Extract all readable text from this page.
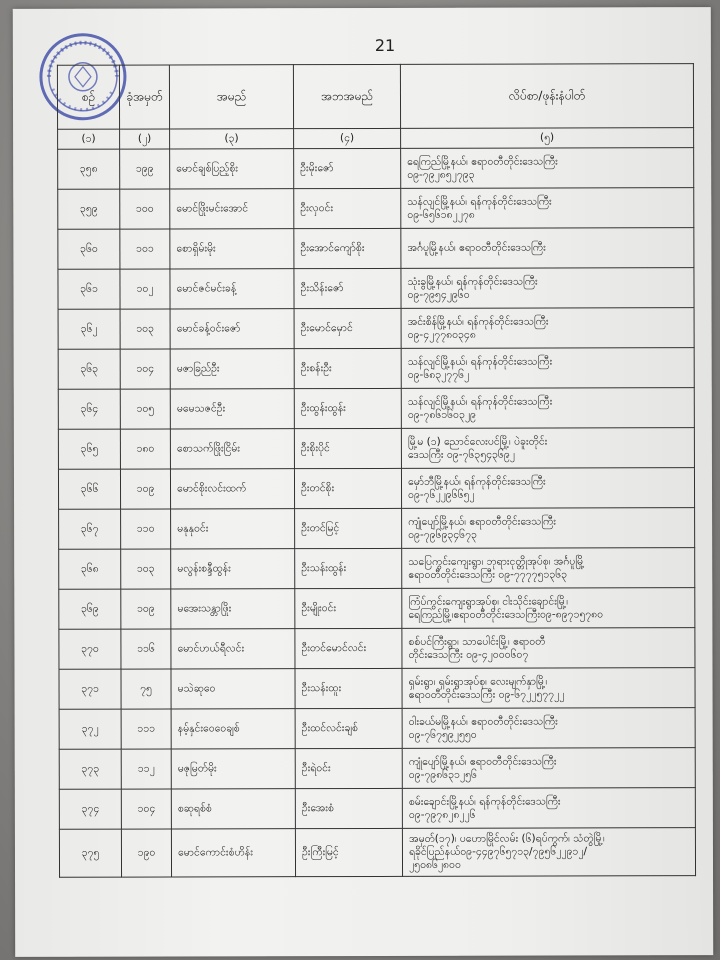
21
စဉ်	ခုံအမှတ်	အမည်	အဘအမည်	လိပ်စာ/ဖုန်းနံပါတ်
(၁)	(၂)	(၃)	(၄)	(၅)
၃၅၈	၁၉၉	မောင်ချစ်ပြည့်စိုး	ဦးမိုးဇော်	ရေကြည်မြို့နယ်၊ ဧရာဝတီတိုင်းဒေသကြီး
၀၉-၇၉၂၈၅၂၇၉၃

၃၅၉	၁၀၀	မောင်ဖြိုးမင်းအောင်	ဦးလှဝင်း	သန်လျင်မြို့နယ်၊ ရန်ကုန်တိုင်းဒေသကြီး
၀၉-၆၅၆၁၈၂၂၇၈

၃၆၀	၁၀၁	စောရှိမ်းမိုး	ဦးအောင်ကျော်စိုး	အင်္ဂပူမြို့နယ်၊ ဧရာဝတီတိုင်းဒေသကြီး

၃၆၁	၁၀၂	မောင်ဇင်မင်းခန့်	ဦးသိန်းဇော်	သုံးခွမြို့နယ်၊ ရန်ကုန်တိုင်းဒေသကြီး
၀၉-၇၉၅၄၂၉၆၀

၃၆၂	၁၀၃	မောင်ခန့်ဝင်းဇော်	ဦးမောင်မှောင်	အင်းစိန်မြို့နယ်၊ ရန်ကုန်တိုင်းဒေသကြီး
၀၉-၄၂၇၇၈၀၃၄၈

၃၆၃	၁၀၄	မဇာခြည်ဦး	ဦးစန်းဦး	သန်လျင်မြို့နယ်၊ ရန်ကုန်တိုင်းဒေသကြီး
၀၉-၆၈၃၂၇၇၆၂

၃၆၄	၁၀၅	မမေသဇင်ဦး	ဦးထွန်းထွန်း	သန်လျင်မြို့နယ်၊ ရန်ကုန်တိုင်းဒေသကြီး
၀၉-၇၈၆၁၆၀၃၂၉

၃၆၅	၁၈၀	စောသက်ဖြိုးငြိမ်း	ဦးစိုးပိုင်	မြို့မ (၁) ညောင်လေးပင်မြို့၊ ပဲခူးတိုင်း
ဒေသကြီး ၀၉-၇၆၃၅၄၃၆၉၂

၃၆၆	၁၀၉	မောင်စိုးလင်းထက်	ဦးတင်စိုး	မှော်ဘီမြို့နယ်၊ ရန်ကုန်တိုင်းဒေသကြီး
၀၉-၇၆၂၂၉၆၆၅၂

၃၆၇	၁၁၀	မနုနုဝင်း	ဦးတင်မြင့်	ကျုံပျော်မြို့နယ်၊ ဧရာဝတီတိုင်းဒေသကြီး
၀၉-၇၉၆၉၃၄၆၇၃

၃၆၈	၁၀၃	မလွန်းစန္ဒီထွန်း	ဦးသန်းထွန်း	သပြေကွင်းကျေးရွာ၊ ဘုရားငုတ္တိုအုပ်စု၊ အင်္ဂပူမြို့
ဧရာဝတီတိုင်းဒေသကြီး ၀၉-၇၇၇၇၅၁၃၆၃

၃၆၉	၁၀၉	မအေးသန္တာဖြိုး	ဦးမျိုးဝင်း	ကြံပ်ကွင်းကျေးရွာအုပ်စု၊ ငါးသိုင်းချောင်းမြို့၊
ရေကြည်မြို့၊ဧရာဝတီတိုင်းဒေသကြီး၀၉-၈၉၇၁၅၇၈၀

၃၇၀	၁၁၆	မောင်ဟယ်ရီလင်း	ဦးတင်မောင်လင်း	စစ်ပင်ကြီးရွာ၊ သာပေါင်းမြို့၊ ဧရာဝတီ
တိုင်းဒေသကြီး ၀၉-၄၂၀၀၀၆၀၇

၃၇၁	၇၅	မသဲဆုဝေ	ဦးသန်းထူး	ရှမ်းရွာ၊ ရှမ်းရွာအုပ်စု၊ လေးမျက်နှာမြို့၊
ဧရာဝတီတိုင်းဒေသကြီး ၀၉-၆၇၂၂၅၇၇၂၂

၃၇၂	၁၁၁	နမ့်နှင်းဝေဝေချစ်	ဦးထင်လင်းချစ်	ဝါးခယ်မမြို့နယ်၊ ဧရာဝတီတိုင်းဒေသကြီး
၀၉-၇၆၇၅၉၂၅၅၀

၃၇၃	၁၁၂	မဇုမြတ်မိုး	ဦးရဲဝင်း	ကျုံပျော်မြို့နယ်၊ ဧရာဝတီတိုင်းဒေသကြီး
၀၉-၇၉၈၆၃၁၂၅၆

၃၇၄	၁၀၄	စဆုရစ်စံ	ဦးအေးစံ	စမ်းချောင်းမြို့နယ်၊ ရန်ကုန်တိုင်းဒေသကြီး
၀၉-၇၉၇၈၂၈၂၂၆

၃၇၅	၁၉၀	မောင်ကောင်းစံဟိန်း	ဦးကြီးမြင့်	အမှတ်(၁၇)၊ ပဟောမြိုင်လမ်း (၆)ရပ်ကွက်၊ သံတွဲမြို့၊
ရခိုင်ပြည်နယ်၀၉-၄၄၉၇၆၅၇၁၃/၇၉၅၆၂၂၉၁၂/
၂၅၀၈၆၂၈၀၀
